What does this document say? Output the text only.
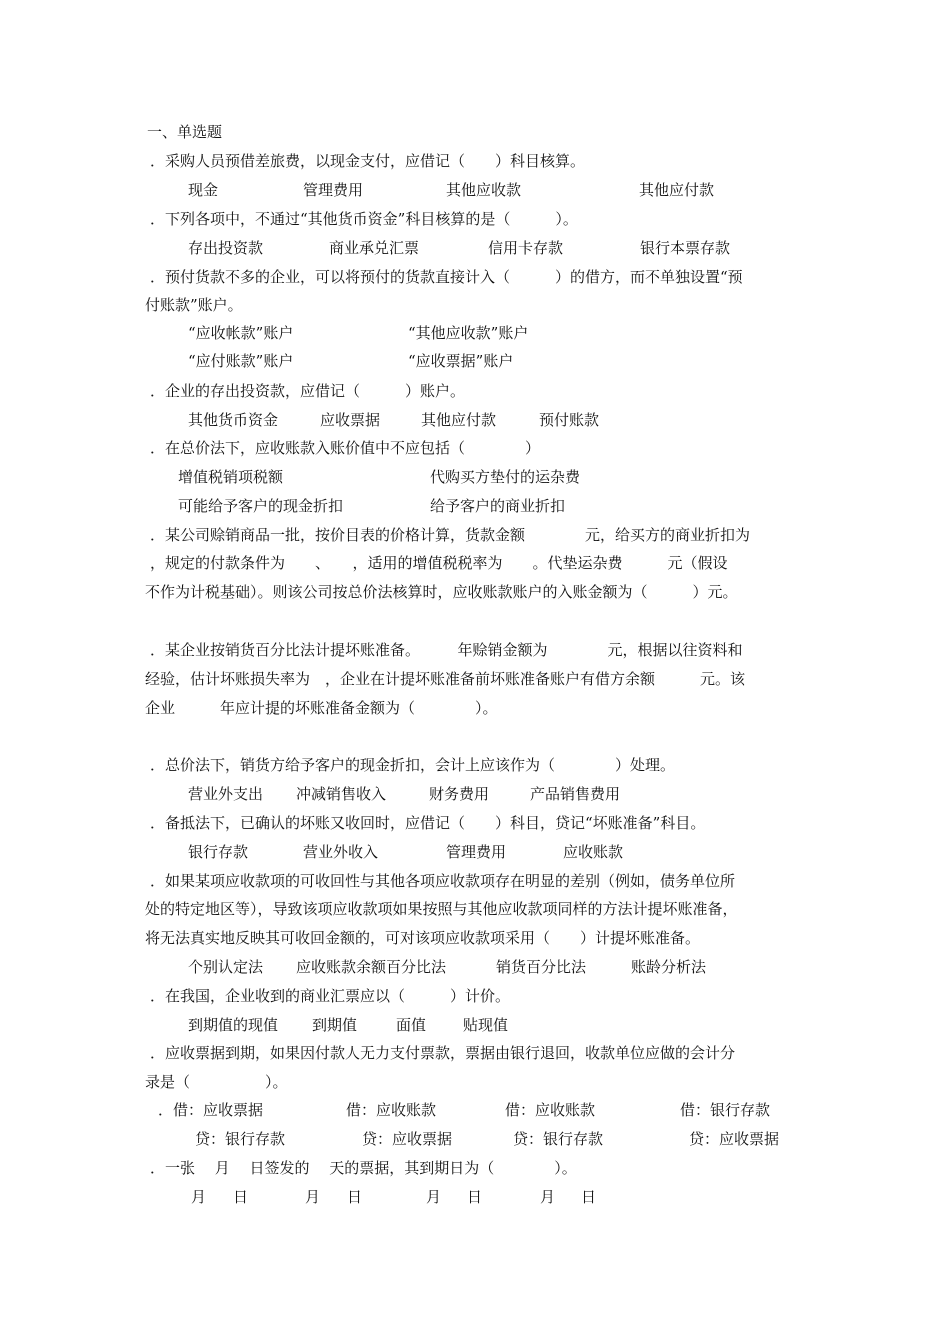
一、单选题
．采购人员预借差旅费，以现金支付，应借记（　　）科目核算。
现金	管理费用	其他应收款	其他应付款
．下列各项中，不通过“其他货币资金”科目核算的是（　　　）。
存出投资款	商业承兑汇票	信用卡存款	银行本票存款
．预付货款不多的企业，可以将预付的货款直接计入（　　　）的借方，而不单独设置“预
付账款”账户。
“应收帐款”账户	“其他应收款”账户
“应付账款”账户	“应收票据”账户
．企业的存出投资款，应借记（　　　）账户。
其他货币资金	应收票据	其他应付款	预付账款
．在总价法下，应收账款入账价值中不应包括（　　　　）
增值税销项税额	代购买方垫付的运杂费
可能给予客户的现金折扣	给予客户的商业折扣
．某公司赊销商品一批，按价目表的价格计算，货款金额　　　　元，给买方的商业折扣为
，规定的付款条件为　　、　　，适用的增值税税率为　　。代垫运杂费　　　元（假设
不作为计税基础）。则该公司按总价法核算时，应收账款账户的入账金额为（　　　）元。
．某企业按销货百分比法计提坏账准备。　　　年赊销金额为　　　　元，根据以往资料和
经验，估计坏账损失率为　，企业在计提坏账准备前坏账准备账户有借方余额　　　元。该
企业　　　年应计提的坏账准备金额为（　　　　）。
．总价法下，销货方给予客户的现金折扣，会计上应该作为（　　　　）处理。
营业外支出 冲减销售收入	财务费用	产品销售费用
．备抵法下，已确认的坏账又收回时，应借记（　　）科目，贷记“坏账准备”科目。
银行存款	营业外收入	管理费用	应收账款
．如果某项应收款项的可收回性与其他各项应收款项存在明显的差别（例如，债务单位所
处的特定地区等），导致该项应收款项如果按照与其他应收款项同样的方法计提坏账准备，
将无法真实地反映其可收回金额的，可对该项应收款项采用（　　）计提坏账准备。
个别认定法 应收账款余额百分比法	销货百分比法	账龄分析法
．在我国，企业收到的商业汇票应以（　　　）计价。
到期值的现值 到期值	面值 贴现值
．应收票据到期，如果因付款人无力支付票款，票据由银行退回，收款单位应做的会计分
录是（　　　　　）。
．借：应收票据	借：应收账款	借：应收账款	借：银行存款
贷：银行存款	贷：应收票据	贷：银行存款	贷：应收票据
．一张　 月　 日签发的　 天的票据，其到期日为（　　　　）。
月 日	月 日	月 日	月 日
